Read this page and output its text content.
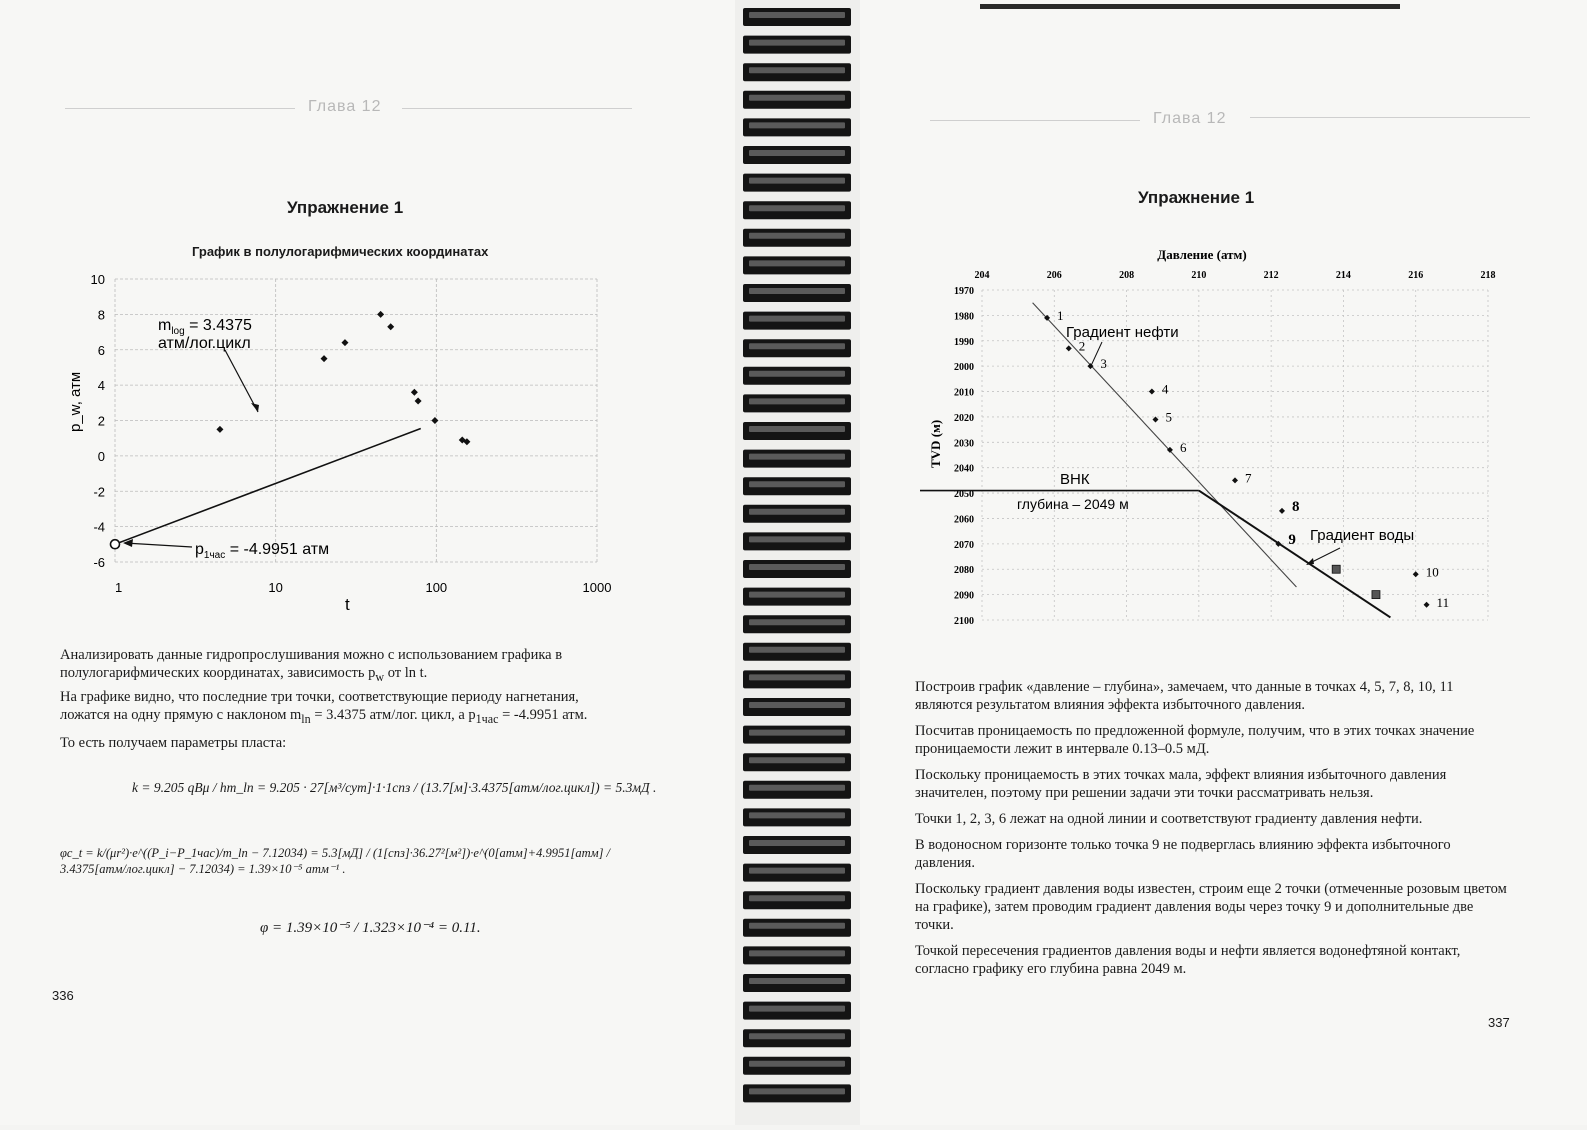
Глава 12
Упражнение 1
График в полулогарифмических координатах
-6
-4
-2
0
2
4
6
8
10
1	10	100	1000
$m_{log} = 3.4375$
атм/лог.цикл
$p_{1час} = -4.9951$ атм
t
p_w, атм
Анализировать данные гидропрослушивания можно с использованием графика в полулогарифмических координатах, зависимость $p_w$ от ln t.
На графике видно, что последние три точки, соответствующие периоду нагнетания, ложатся на одну прямую с наклоном $m_{ln} = 3.4375$ атм/лог. цикл, а $p_{1час} = -4.9951$ атм.
То есть получаем параметры пласта:
k = 9.205 qBμ / hm_ln = 9.205 · 27[м³/сут]·1·1спз / (13.7[м]·3.4375[атм/лог.цикл]) = 5.3мД .
φc_t = k/(μr²)·e^((P_i−P_1час)/m_ln − 7.12034) = 5.3[мД] / (1[спз]·36.27²[м²])·e^(0[атм]+4.9951[атм] / 3.4375[атм/лог.цикл] − 7.12034) = 1.39×10⁻⁵ атм⁻¹ .
φ = 1.39×10⁻⁵ / 1.323×10⁻⁴ = 0.11.
336
Глава 12
Упражнение 1
Давление (атм)
TVD (м)
204	206	208	210	212	214	216	218
1970
1980
1990
2000
2010
2020
2030
2040
2050
2060
2070
2080
2090
2100
1
2
3
4
5
6
7
8
9
10
11
Градиент нефти
ВНК
глубина – 2049 м
Градиент воды
Построив график «давление – глубина», замечаем, что данные в точках 4, 5, 7, 8, 10, 11 являются результатом влияния эффекта избыточного давления.
Посчитав проницаемость по предложенной формуле, получим, что в этих точках значение проницаемости лежит в интервале 0.13–0.5 мД.
Поскольку проницаемость в этих точках мала, эффект влияния избыточного давления значителен, поэтому при решении задачи эти точки рассматривать нельзя.
Точки 1, 2, 3, 6 лежат на одной линии и соответствуют градиенту давления нефти.
В водоносном горизонте только точка 9 не подверглась влиянию эффекта избыточного давления.
Поскольку градиент давления воды известен, строим еще 2 точки (отмеченные розовым цветом на графике), затем проводим градиент давления воды через точку 9 и дополнительные две точки.
Точкой пересечения градиентов давления воды и нефти является водонефтяной контакт, согласно графику его глубина равна 2049 м.
337
